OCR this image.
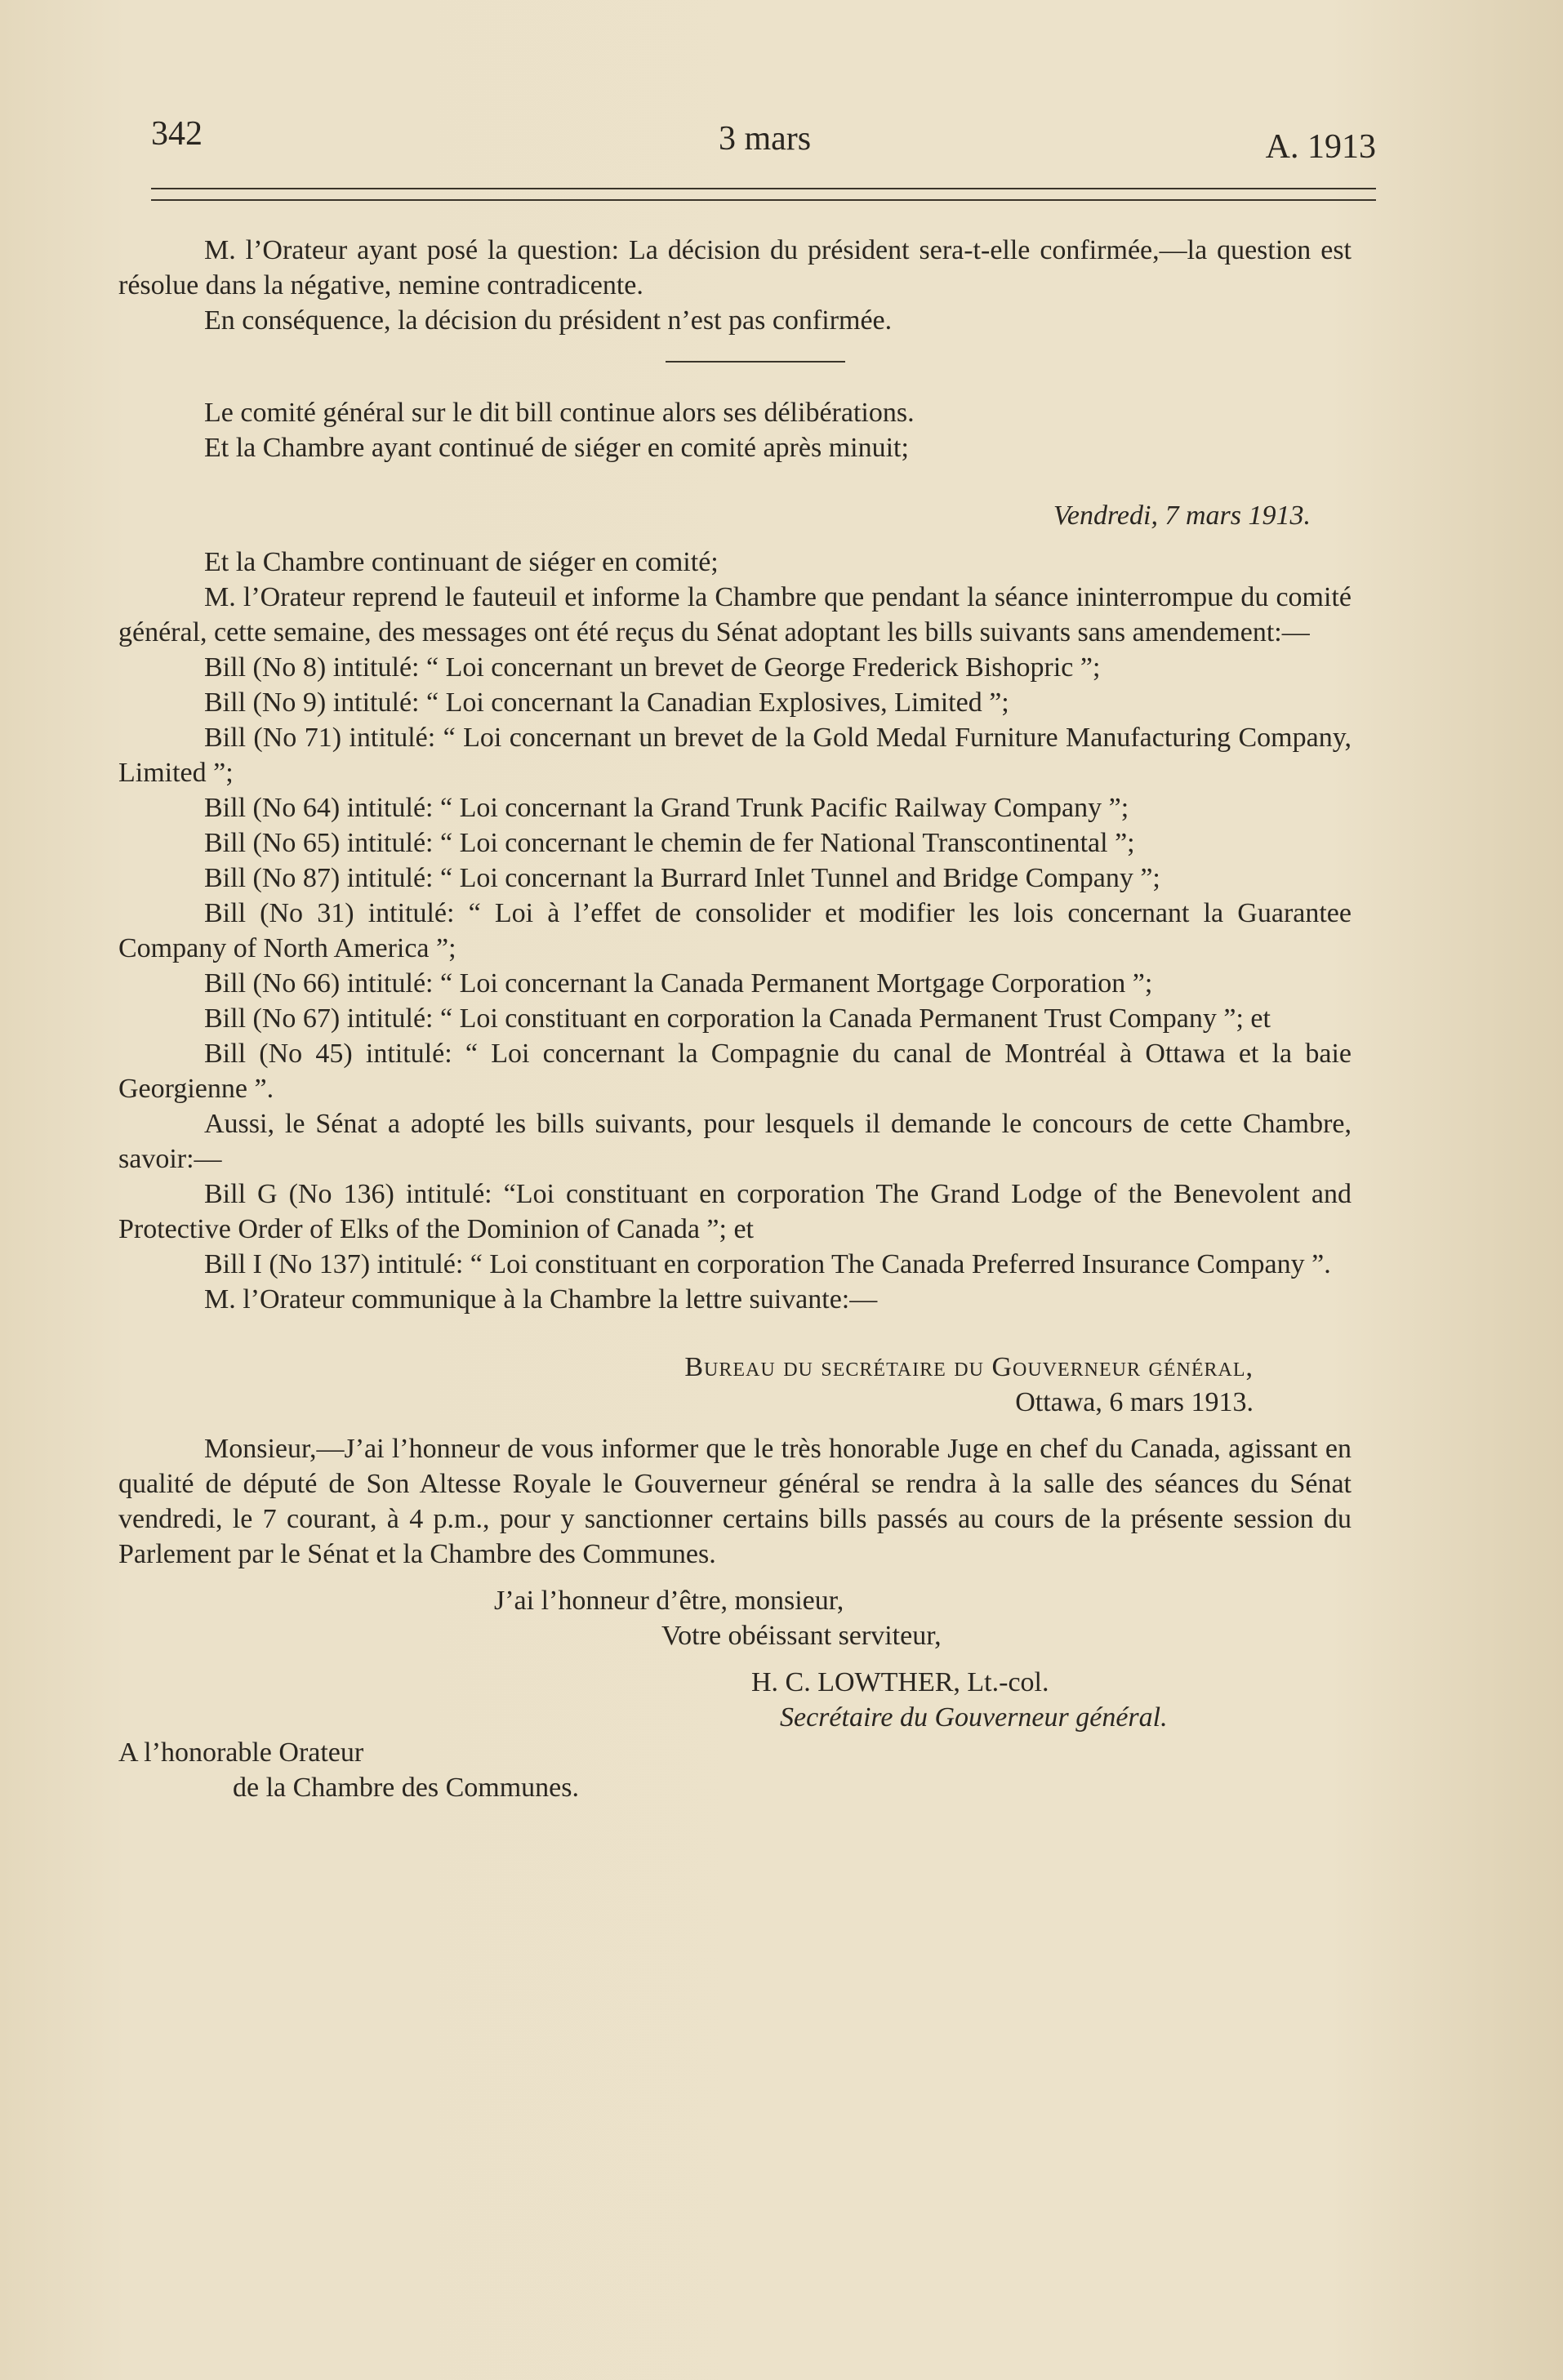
342	3 mars	A. 1913

M. l’Orateur ayant posé la question: La décision du président sera-t-elle confirmée,—la question est résolue dans la négative, nemine contradicente.

En conséquence, la décision du président n’est pas confirmée.

Le comité général sur le dit bill continue alors ses délibérations.

Et la Chambre ayant continué de siéger en comité après minuit;

Vendredi, 7 mars 1913.

Et la Chambre continuant de siéger en comité;

M. l’Orateur reprend le fauteuil et informe la Chambre que pendant la séance ininterrompue du comité général, cette semaine, des messages ont été reçus du Sénat adoptant les bills suivants sans amendement:—

Bill (No 8) intitulé: “ Loi concernant un brevet de George Frederick Bishopric ”;

Bill (No 9) intitulé: “ Loi concernant la Canadian Explosives, Limited ”;

Bill (No 71) intitulé: “ Loi concernant un brevet de la Gold Medal Furniture Manufacturing Company, Limited ”;

Bill (No 64) intitulé: “ Loi concernant la Grand Trunk Pacific Railway Company ”;

Bill (No 65) intitulé: “ Loi concernant le chemin de fer National Transcontinental ”;

Bill (No 87) intitulé: “ Loi concernant la Burrard Inlet Tunnel and Bridge Company ”;

Bill (No 31) intitulé: “ Loi à l’effet de consolider et modifier les lois concernant la Guarantee Company of North America ”;

Bill (No 66) intitulé: “ Loi concernant la Canada Permanent Mortgage Corporation ”;

Bill (No 67) intitulé: “ Loi constituant en corporation la Canada Permanent Trust Company ”; et

Bill (No 45) intitulé: “ Loi concernant la Compagnie du canal de Montréal à Ottawa et la baie Georgienne ”.

Aussi, le Sénat a adopté les bills suivants, pour lesquels il demande le concours de cette Chambre, savoir:—

Bill G (No 136) intitulé: “Loi constituant en corporation The Grand Lodge of the Benevolent and Protective Order of Elks of the Dominion of Canada ”; et

Bill I (No 137) intitulé: “ Loi constituant en corporation The Canada Preferred Insurance Company ”.

M. l’Orateur communique à la Chambre la lettre suivante:—

Bureau du secrétaire du Gouverneur général,

Ottawa, 6 mars 1913.

Monsieur,—J’ai l’honneur de vous informer que le très honorable Juge en chef du Canada, agissant en qualité de député de Son Altesse Royale le Gouverneur général se rendra à la salle des séances du Sénat vendredi, le 7 courant, à 4 p.m., pour y sanctionner certains bills passés au cours de la présente session du Parlement par le Sénat et la Chambre des Communes.

J’ai l’honneur d’être, monsieur,

Votre obéissant serviteur,

H. C. LOWTHER, Lt.-col.

Secrétaire du Gouverneur général.

A l’honorable Orateur

de la Chambre des Communes.
